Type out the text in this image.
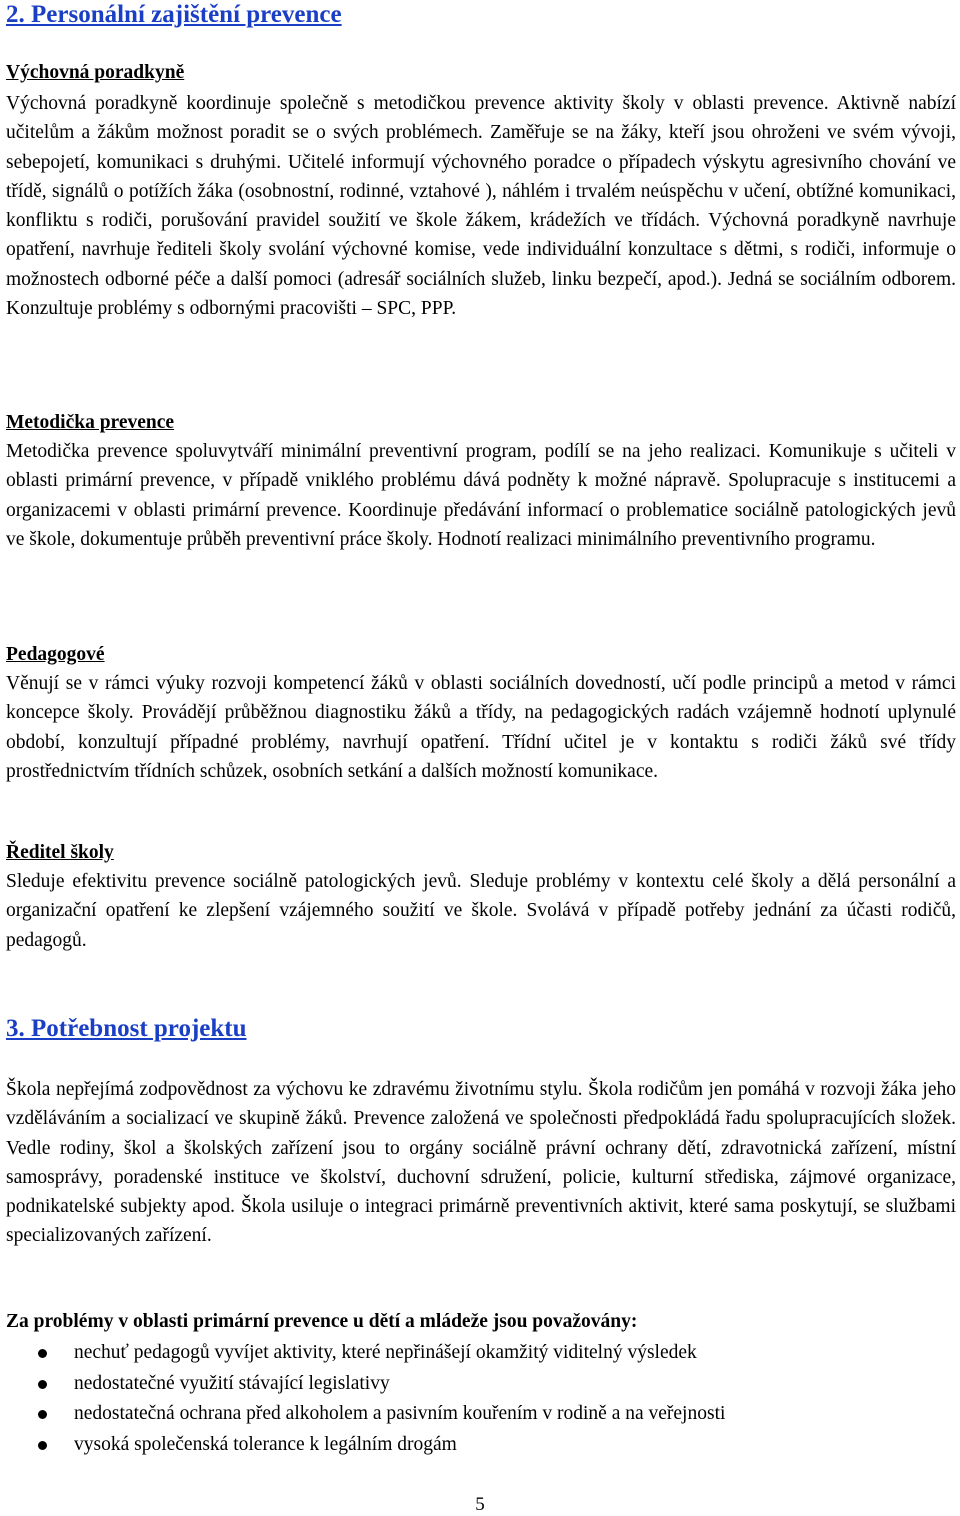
2. Personální zajištění prevence
Výchovná poradkyně

Výchovná poradkyně koordinuje společně s metodičkou prevence aktivity školy v oblasti prevence. Aktivně nabízí učitelům a žákům možnost poradit se o svých problémech. Zaměřuje se na žáky, kteří jsou ohroženi ve svém vývoji, sebepojetí, komunikaci s druhými. Učitelé informují výchovného poradce o případech výskytu agresivního chování ve třídě, signálů o potížích žáka (osobnostní, rodinné, vztahové ), náhlém i trvalém neúspěchu v učení, obtížné komunikaci, konfliktu s rodiči, porušování pravidel soužití ve škole žákem, krádežích ve třídách. Výchovná poradkyně navrhuje opatření, navrhuje řediteli školy svolání výchovné komise, vede individuální konzultace s dětmi, s rodiči, informuje o možnostech odborné péče a další pomoci (adresář sociálních služeb, linku bezpečí, apod.). Jedná se sociálním odborem. Konzultuje problémy s odbornými pracovišti – SPC, PPP.

Metodička prevence

Metodička prevence spoluvytváří minimální preventivní program, podílí se na jeho realizaci. Komunikuje s učiteli v oblasti primární prevence, v případě vniklého problému dává podněty k možné nápravě. Spolupracuje s institucemi a organizacemi v oblasti primární prevence. Koordinuje předávání informací o problematice sociálně patologických jevů ve škole, dokumentuje průběh preventivní práce školy. Hodnotí realizaci minimálního preventivního programu.

Pedagogové

Věnují se v rámci výuky rozvoji kompetencí žáků v oblasti sociálních dovedností, učí podle principů a metod v rámci koncepce školy. Provádějí průběžnou diagnostiku žáků a třídy, na pedagogických radách vzájemně hodnotí uplynulé období, konzultují případné problémy, navrhují opatření. Třídní učitel je v kontaktu s rodiči žáků své třídy prostřednictvím třídních schůzek, osobních setkání a dalších možností komunikace.

Ředitel školy

Sleduje efektivitu prevence sociálně patologických jevů. Sleduje problémy v kontextu celé školy a dělá personální a organizační opatření ke zlepšení vzájemného soužití ve škole. Svolává v případě potřeby jednání za účasti rodičů, pedagogů.

3. Potřebnost projektu

Škola nepřejímá zodpovědnost za výchovu ke zdravému životnímu stylu. Škola rodičům jen pomáhá v rozvoji žáka jeho vzděláváním a socializací ve skupině žáků. Prevence založená ve společnosti předpokládá řadu spolupracujících složek. Vedle rodiny, škol a školských zařízení jsou to orgány sociálně právní ochrany dětí, zdravotnická zařízení, místní samosprávy, poradenské instituce ve školství, duchovní sdružení, policie, kulturní střediska, zájmové organizace, podnikatelské subjekty apod. Škola usiluje o integraci primárně preventivních aktivit, které sama poskytují, se službami specializovaných zařízení.

Za problémy v oblasti primární prevence u dětí a mládeže jsou považovány:

nechuť pedagogů vyvíjet aktivity, které nepřinášejí okamžitý viditelný výsledek
nedostatečné využití stávající legislativy
nedostatečná ochrana před alkoholem a pasivním kouřením v rodině a na veřejnosti
vysoká společenská tolerance k legálním drogám
5
